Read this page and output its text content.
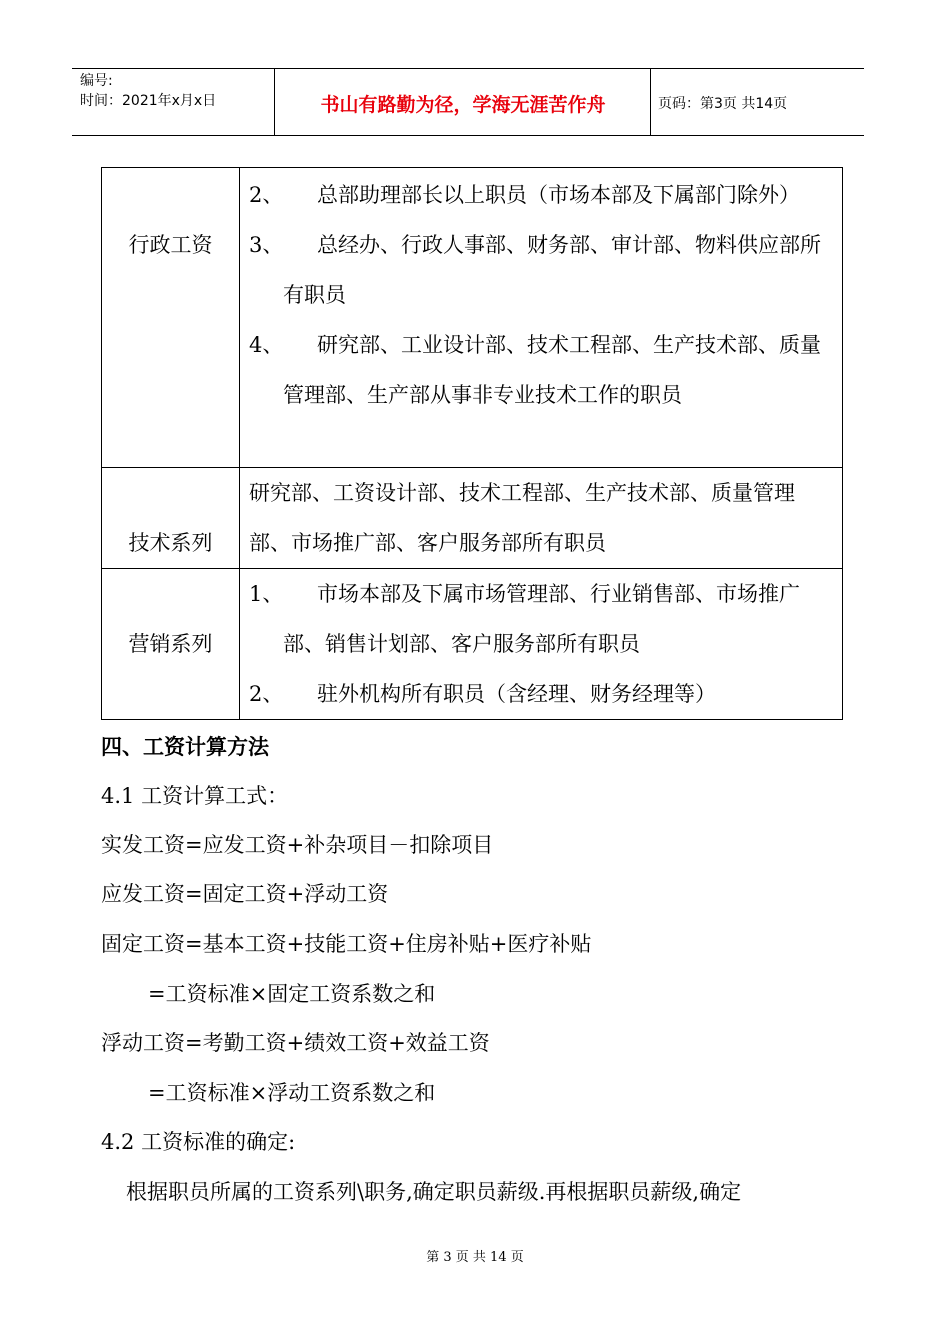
编号:
时间：2021年x月x日	书山有路勤为径，学海无涯苦作舟	页码：第3页 共14页
行政工资	2、 总部助理部长以上职员（市场本部及下属部门除外）
3、 总经办、行政人事部、财务部、审计部、物料供应部所有职员
4、 研究部、工业设计部、技术工程部、生产技术部、质量管理部、生产部从事非专业技术工作的职员

技术系列	研究部、工资设计部、技术工程部、生产技术部、质量管理部、市场推广部、客户服务部所有职员

营销系列	1、 市场本部及下属市场管理部、行业销售部、市场推广部、销售计划部、客户服务部所有职员
2、 驻外机构所有职员（含经理、财务经理等）
四、工资计算方法
4.1 工资计算工式：
实发工资=应发工资+补杂项目－扣除项目
应发工资=固定工资+浮动工资
固定工资=基本工资+技能工资+住房补贴+医疗补贴
=工资标准×固定工资系数之和
浮动工资=考勤工资+绩效工资+效益工资
=工资标准×浮动工资系数之和
4.2 工资标准的确定:
根据职员所属的工资系列\职务,确定职员薪级.再根据职员薪级,确定
第 3 页 共 14 页
